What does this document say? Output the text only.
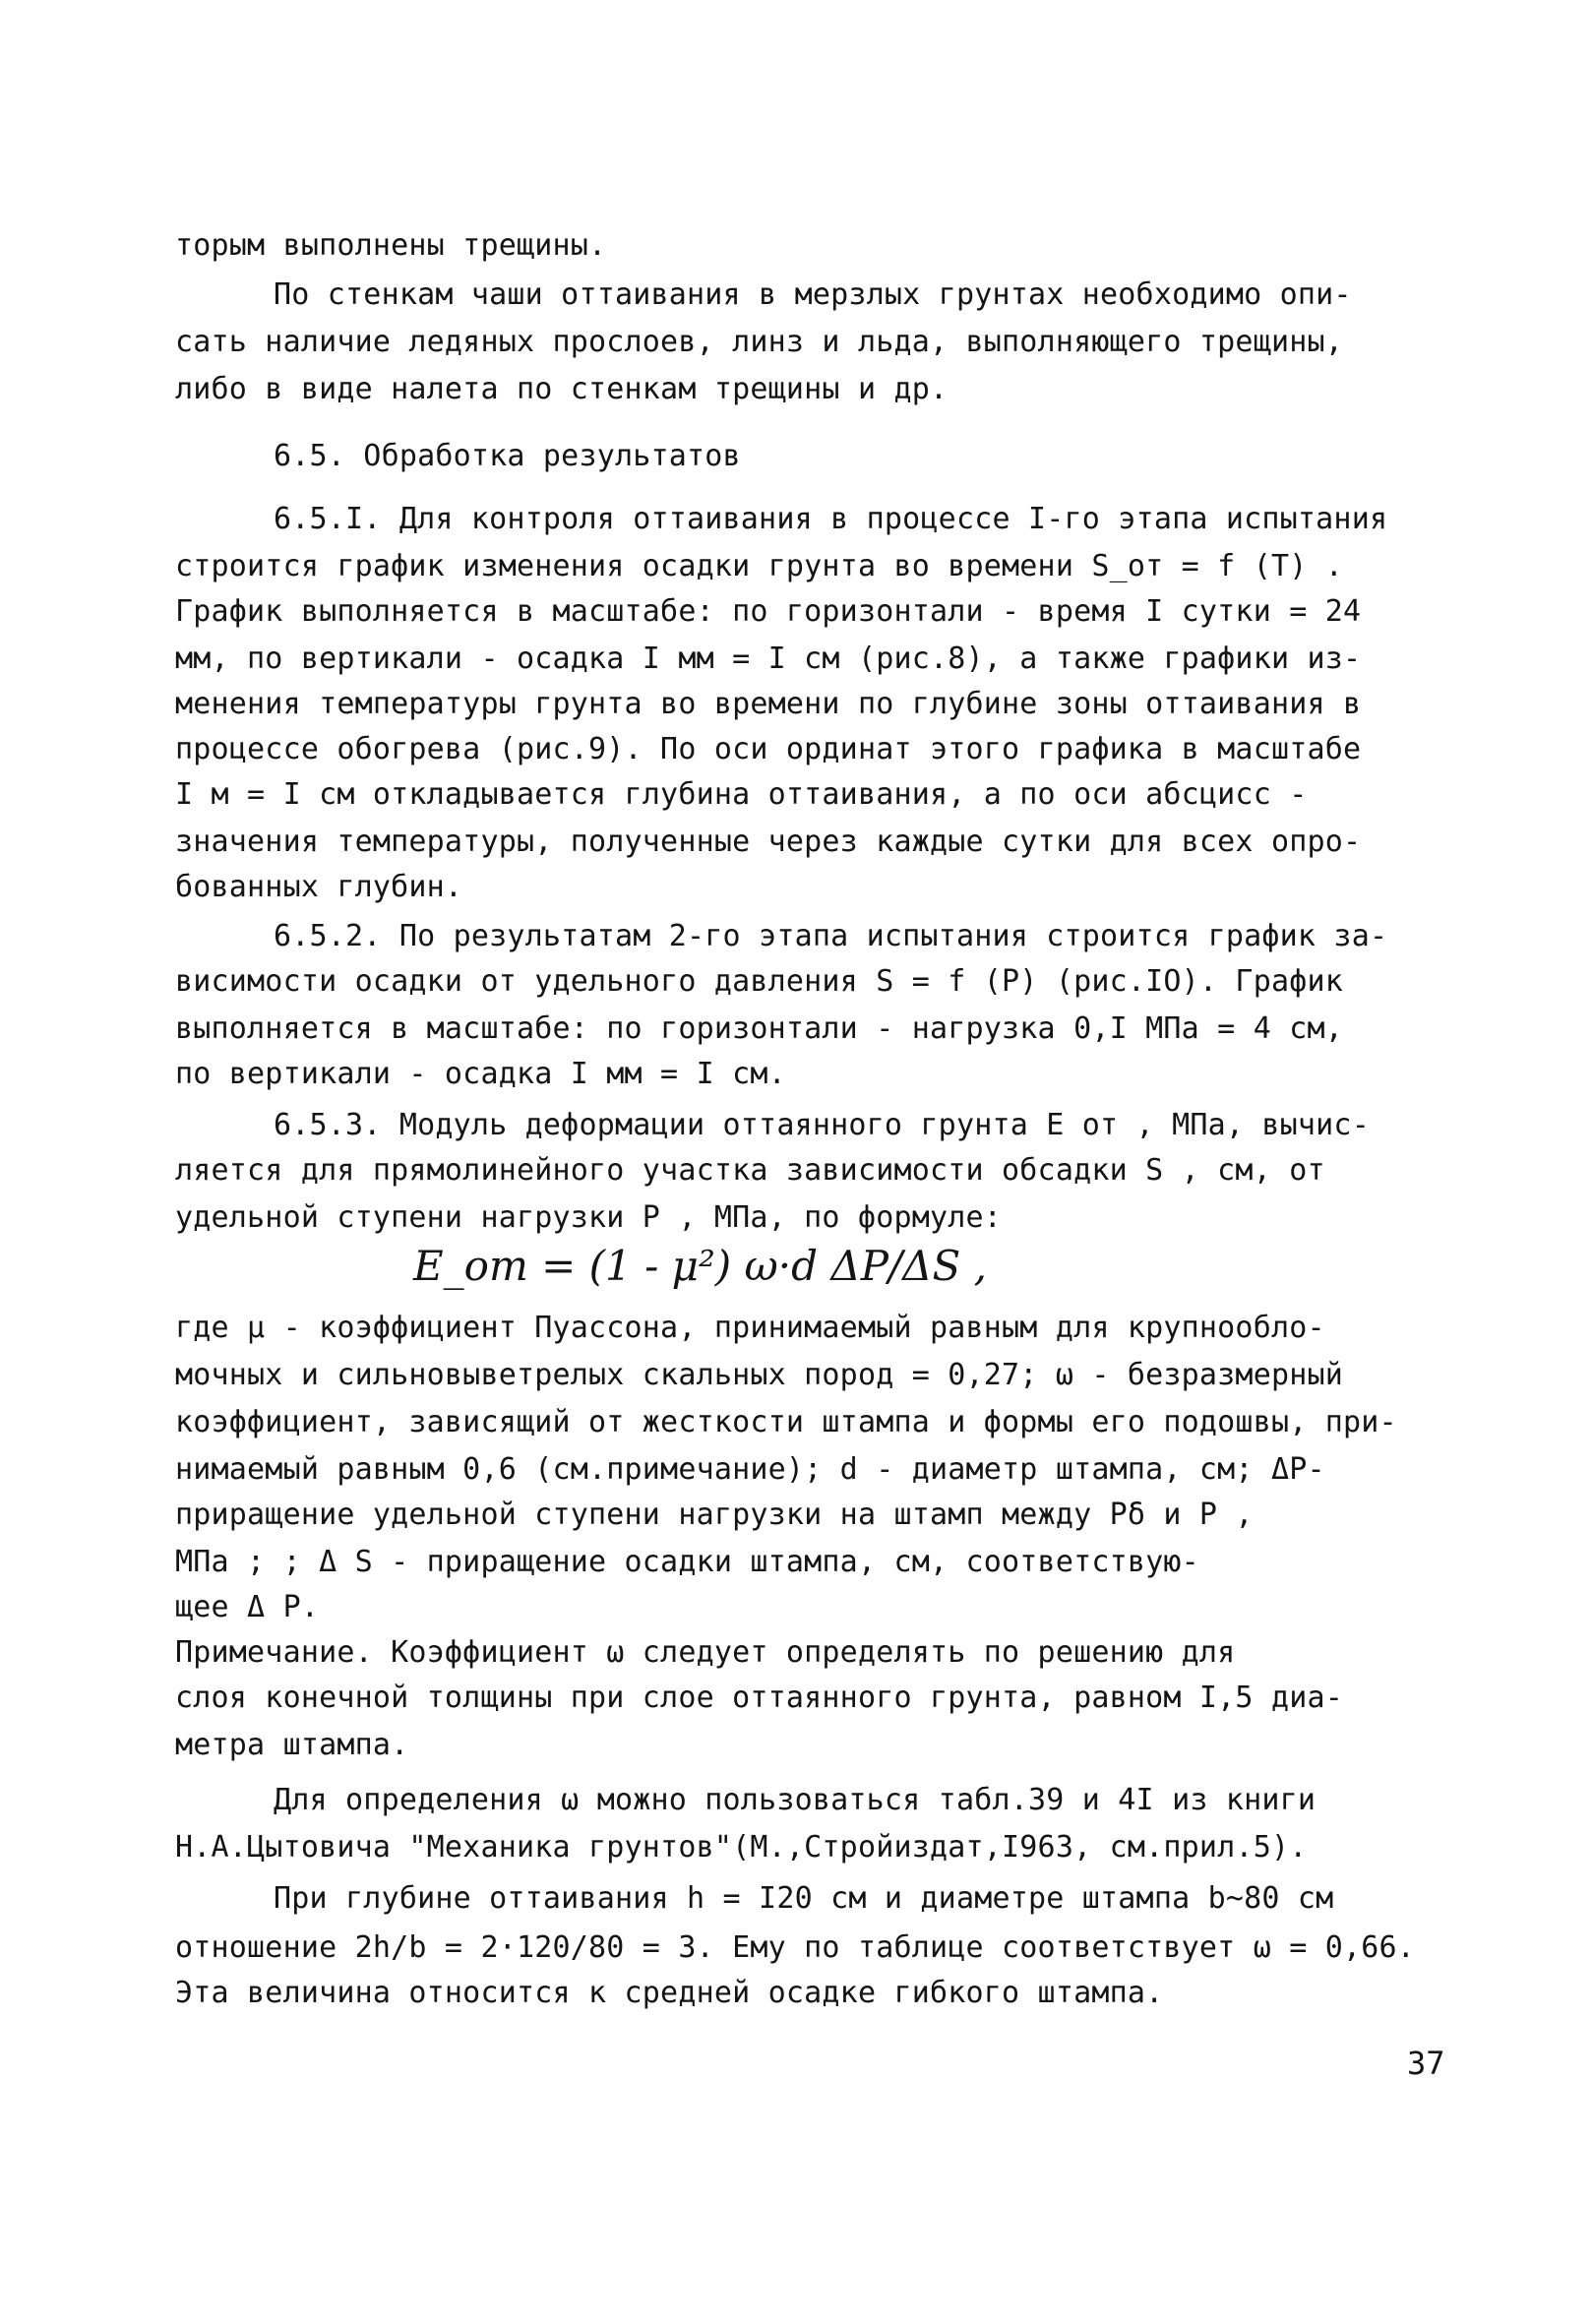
торым выполнены трещины.
По стенкам чаши оттаивания в мерзлых грунтах необходимо опи-
сать наличие ледяных прослоев, линз и льда, выполняющего трещины,
либо в виде налета по стенкам трещины и др.
6.5. Обработка результатов
6.5.I. Для контроля оттаивания в процессе I-го этапа испытания
строится график изменения осадки грунта во времени S_от = f (T) .
График выполняется в масштабе: по горизонтали - время I сутки = 24
мм, по вертикали - осадка I мм = I см (рис.8), а также графики из-
менения температуры грунта во времени по глубине зоны оттаивания в
процессе обогрева (рис.9). По оси ординат этого графика в масштабе
I м = I см откладывается глубина оттаивания, а по оси абсцисс -
значения температуры, полученные через каждые сутки для всех опро-
бованных глубин.
6.5.2. По результатам 2-го этапа испытания строится график за-
висимости осадки от удельного давления S = f (P) (рис.IO). График
выполняется в масштабе: по горизонтали - нагрузка 0,I МПа = 4 см,
по вертикали - осадка I мм = I см.
6.5.3. Модуль деформации оттаянного грунта E от , МПа, вычис-
ляется для прямолинейного участка зависимости обсадки S , см, от
удельной ступени нагрузки P , МПа, по формуле:
E_от = (1 - μ²) ω·d ΔP/ΔS ,
где μ - коэффициент Пуассона, принимаемый равным для крупнообло-
мочных и сильновыветрелых скальных пород = 0,27; ω - безразмерный
коэффициент, зависящий от жесткости штампа и формы его подошвы, при-
нимаемый равным 0,6 (см.примечание); d - диаметр штампа, см; ΔP-
приращение удельной ступени нагрузки на штамп между Pδ и P ,
МПа ; ; Δ S - приращение осадки штампа, см, соответствую-
щее Δ P.
Примечание. Коэффициент ω следует определять по решению для
слоя конечной толщины при слое оттаянного грунта, равном I,5 диа-
метра штампа.
Для определения ω можно пользоваться табл.39 и 4I из книги
Н.А.Цытовича "Механика грунтов"(М.,Стройиздат,I963, см.прил.5).
При глубине оттаивания h = I20 см и диаметре штампа b~80 см
отношение 2h/b = 2·120/80 = 3. Ему по таблице соответствует ω = 0,66.
Эта величина относится к средней осадке гибкого штампа.
37
